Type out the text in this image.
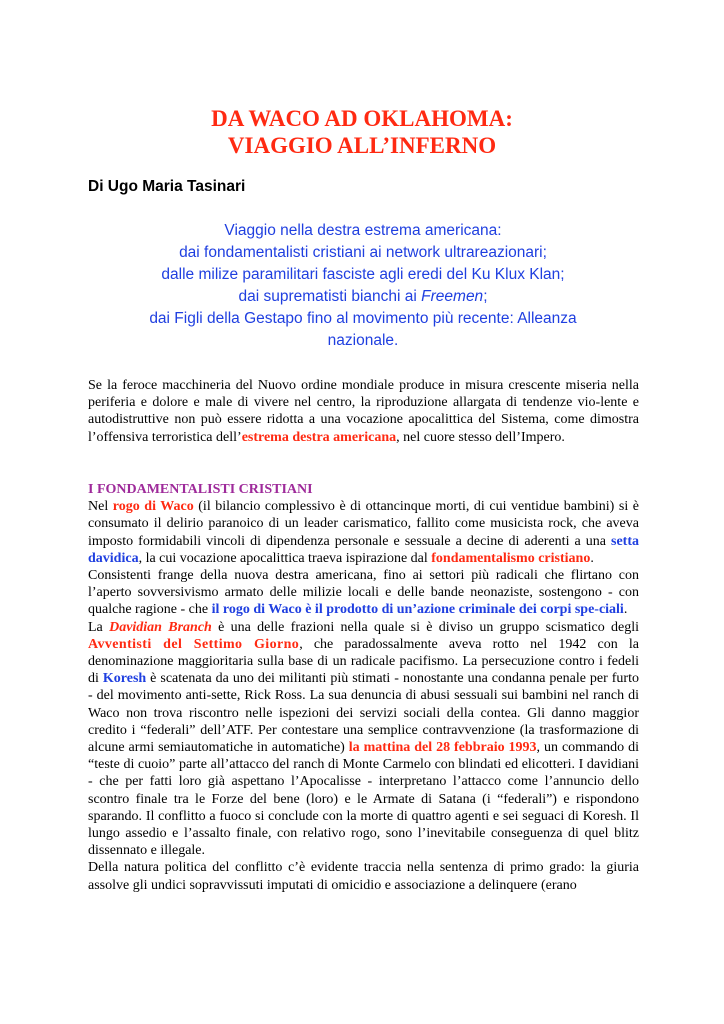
DA WACO AD OKLAHOMA:
VIAGGIO ALL’INFERNO

Di Ugo Maria Tasinari

Viaggio nella destra estrema americana:
dai fondamentalisti cristiani ai network ultrareazionari;
dalle milize paramilitari fasciste agli eredi del Ku Klux Klan;
dai suprematisti bianchi ai Freemen;
dai Figli della Gestapo fino al movimento più recente: Alleanza
nazionale.

Se la feroce macchineria del Nuovo ordine mondiale produce in misura crescente miseria nella periferia e dolore e male di vivere nel centro, la riproduzione allargata di tendenze vio-lente e autodistruttive non può essere ridotta a una vocazione apocalittica del Sistema, come dimostra l’offensiva terroristica dell’estrema destra americana, nel cuore stesso dell’Impero.

I FONDAMENTALISTI CRISTIANI

Nel rogo di Waco (il bilancio complessivo è di ottancinque morti, di cui ventidue bambini) si è consumato il delirio paranoico di un leader carismatico, fallito come musicista rock, che aveva imposto formidabili vincoli di dipendenza personale e sessuale a decine di aderenti a una setta davidica, la cui vocazione apocalittica traeva ispirazione dal fondamentalismo cristiano.

Consistenti frange della nuova destra americana, fino ai settori più radicali che flirtano con l’aperto sovversivismo armato delle milizie locali e delle bande neonaziste, sostengono - con qualche ragione - che il rogo di Waco è il prodotto di un’azione criminale dei corpi spe-ciali.

La Davidian Branch è una delle frazioni nella quale si è diviso un gruppo scismatico degli Avventisti del Settimo Giorno, che paradossalmente aveva rotto nel 1942 con la denominazione maggioritaria sulla base di un radicale pacifismo. La persecuzione contro i fedeli di Koresh è scatenata da uno dei militanti più stimati - nonostante una condanna penale per furto - del movimento anti-sette, Rick Ross. La sua denuncia di abusi sessuali sui bambini nel ranch di Waco non trova riscontro nelle ispezioni dei servizi sociali della contea. Gli danno maggior credito i “federali” dell’ATF. Per contestare una semplice contravvenzione (la trasformazione di alcune armi semiautomatiche in automatiche) la mattina del 28 febbraio 1993, un commando di “teste di cuoio” parte all’attacco del ranch di Monte Carmelo con blindati ed elicotteri. I davidiani - che per fatti loro già aspettano l’Apocalisse - interpretano l’attacco come l’annuncio dello scontro finale tra le Forze del bene (loro) e le Armate di Satana (i “federali”) e rispondono sparando. Il conflitto a fuoco si conclude con la morte di quattro agenti e sei seguaci di Koresh. Il lungo assedio e l’assalto finale, con relativo rogo, sono l’inevitabile conseguenza di quel blitz dissennato e illegale.

Della natura politica del conflitto c’è evidente traccia nella sentenza di primo grado: la giuria assolve gli undici sopravvissuti imputati di omicidio e associazione a delinquere (erano
